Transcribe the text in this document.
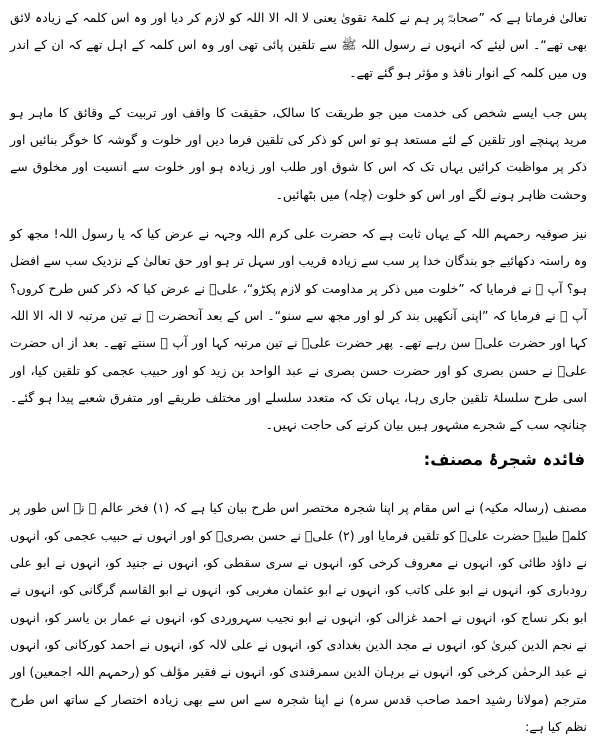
تعالیٰ فرماتا ہے کہ ”صحابہؓ پر ہم نے کلمۃ تقویٰ یعنی لا الہ الا اللہ کو لازم کر دیا اور وہ اس کلمہ کے زیادہ لائق بھی تھے“۔ اس لیئے کہ انہوں نے رسول اللہ ﷺ سے تلقین پائی تھی اور وہ اس کلمہ کے اہل تھے کہ ان کے اندر وں میں کلمہ کے انوار نافذ و مؤثر ہو گئے تھے۔

پس جب ایسے شخص کی خدمت میں جو طریقت کا سالک، حقیقت کا واقف اور تربیت کے وقائق کا ماہر ہو مرید پہنچے اور تلقین کے لئے مستعد ہو تو اس کو ذکر کی تلقین فرما دیں اور خلوت و گوشہ کا خوگر بنائیں اور ذکر پر مواظبت کرائیں یہاں تک کہ اس کا شوق اور طلب اور زیادہ ہو اور خلوت سے انسیت اور مخلوق سے وحشت ظاہر ہونے لگے اور اس کو خلوت (چلہ) میں بٹھائیں۔

نیز صوفیہ رحمہم اللہ کے یہاں ثابت ہے کہ حضرت علی کرم اللہ وجہہ نے عرض کیا کہ یا رسول اللہ! مجھ کو وہ راستہ دکھائیے جو بندگان خدا پر سب سے زیادہ قریب اور سہل تر ہو اور حق تعالیٰ کے نزدیک سب سے افضل ہو؟ آپ ﷺ نے فرمایا کہ ”خلوت میں ذکر پر مداومت کو لازم پکڑو“، علیؓ نے عرض کیا کہ ذکر کس طرح کروں؟ آپ ﷺ نے فرمایا کہ ”اپنی آنکھیں بند کر لو اور مجھ سے سنو“۔ اس کے بعد آنحضرت ﷺ نے تین مرتبہ لا الہ الا اللہ کہا اور حضرت علیؓ سن رہے تھے۔ پھر حضرت علیؓ نے تین مرتبہ کہا اور آپ ﷺ سنتے تھے۔ بعد از اں حضرت علیؓ نے حسن بصری کو اور حضرت حسن بصری نے عبد الواحد بن زید کو اور حبیب عجمی کو تلقین کیا، اور اسی طرح سلسلۂ تلقین جاری رہا، یہاں تک کہ متعدد سلسلے اور مختلف طریقے اور متفرق شعبے پیدا ہو گئے۔ چنانچہ سب کے شجرے مشہور ہیں بیان کرنے کی حاجت نہیں۔

فائدہ شجرۂ مصنف:

مصنف (رسالہ مکیہ) نے اس مقام پر اپنا شجرہ مختصر اس طرح بیان کیا ہے کہ (۱) فخر عالم ﷺ نے اس طور پر کلمہ طیبہ حضرت علیؓ کو تلقین فرمایا اور (۲) علیؓ نے حسن بصریؒ کو اور انہوں نے حبیب عجمی کو، انہوں نے داؤد طائی کو، انہوں نے معروف کرخی کو، انہوں نے سری سقطی کو، انہوں نے جنید کو، انہوں نے ابو علی رودباری کو، انہوں نے ابو علی کاتب کو، انہوں نے ابو عثمان مغربی کو، انہوں نے ابو القاسم گرگانی کو، انہوں نے ابو بکر نساج کو، انہوں نے احمد غزالی کو، انہوں نے ابو نجیب سہروردی کو، انہوں نے عمار بن یاسر کو، انہوں نے نجم الدین کبریٰ کو، انہوں نے مجد الدین بغدادی کو، انہوں نے علی لالہ کو، انہوں نے احمد کورکانی کو، انہوں نے عبد الرحمٰن کرخی کو، انہوں نے برہان الدین سمرقندی کو، انہوں نے فقیر مؤلف کو (رحمہم اللہ اجمعین) اور مترجم (مولانا رشید احمد صاحب قدس سرہ) نے اپنا شجرہ سے اس سے بھی زیادہ اختصار کے ساتھ اس طرح نظم کیا ہے:
